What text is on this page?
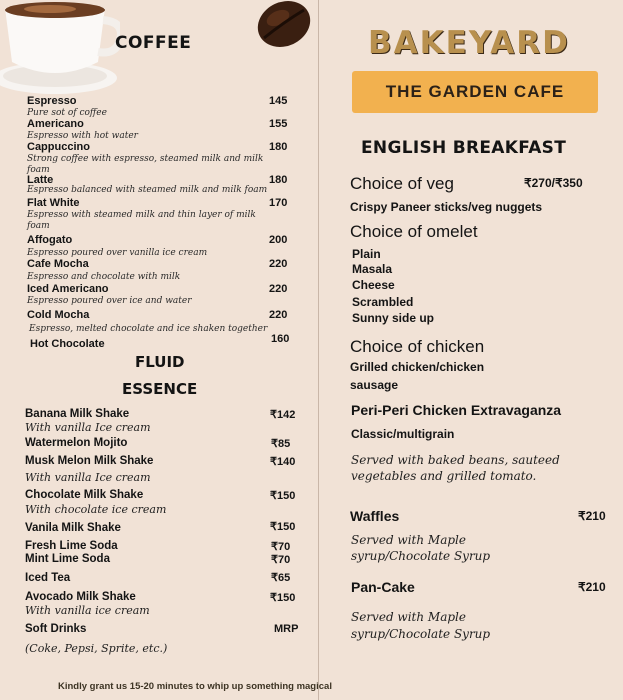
COFFEE
Espresso	145
Pure sot of coffee
Americano	155
Espresso with hot water
Cappuccino	180
Strong coffee with espresso, steamed milk and milk
foam
Latte	180
Espresso balanced with steamed milk and milk foam
Flat White	170
Espresso with steamed milk and thin layer of milk
foam
Affogato	200
Espresso poured over vanilla ice cream
Cafe Mocha	220
Espresso and chocolate with milk
Iced Americano	220
Espresso poured over ice and water
Cold Mocha	220
Espresso, melted chocolate and ice shaken together
Hot Chocolate	160
FLUID
ESSENCE
Banana Milk Shake	₹142
With vanilla Ice cream
Watermelon Mojito	₹85
Musk Melon Milk Shake	₹140
With vanilla Ice cream
Chocolate Milk Shake	₹150
With chocolate ice cream
Vanila Milk Shake	₹150
Fresh Lime Soda	₹70
Mint Lime Soda	₹70
Iced Tea	₹65
Avocado Milk Shake	₹150
With vanilla ice cream
Soft Drinks	MRP
(Coke, Pepsi, Sprite, etc.)
BAKEYARD
THE GARDEN CAFE
ENGLISH BREAKFAST
Choice of veg	₹270/₹350
Crispy Paneer sticks/veg nuggets
Choice of omelet
Plain
Masala
Cheese
Scrambled
Sunny side up
Choice of chicken
Grilled chicken/chicken
sausage
Peri-Peri Chicken Extravaganza
Classic/multigrain
Served with baked beans, sauteed
vegetables and grilled tomato.
Waffles	₹210
Served with Maple
syrup/Chocolate Syrup
Pan-Cake	₹210
Served with Maple
syrup/Chocolate Syrup
Kindly grant us 15-20 minutes to whip up something magical
